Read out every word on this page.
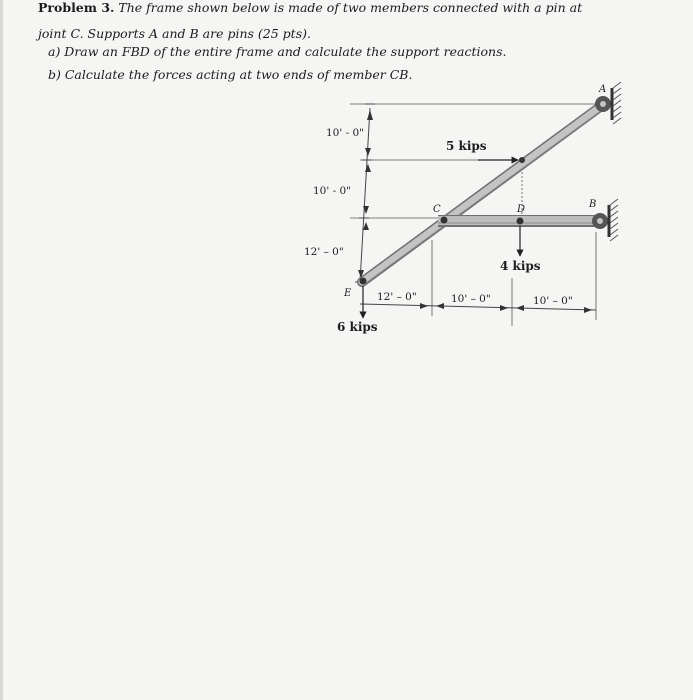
Problem 3. The frame shown below is made of two members connected with a pin at
joint C. Supports A and B are pins (25 pts).
a) Draw an FBD of the entire frame and calculate the support reactions.
b) Calculate the forces acting at two ends of member CB.
A
B
C	D
E
5 kips
4 kips
6 kips
10' - 0"
10' - 0"
12' – 0"
12' – 0"	10' – 0"	10' – 0"
